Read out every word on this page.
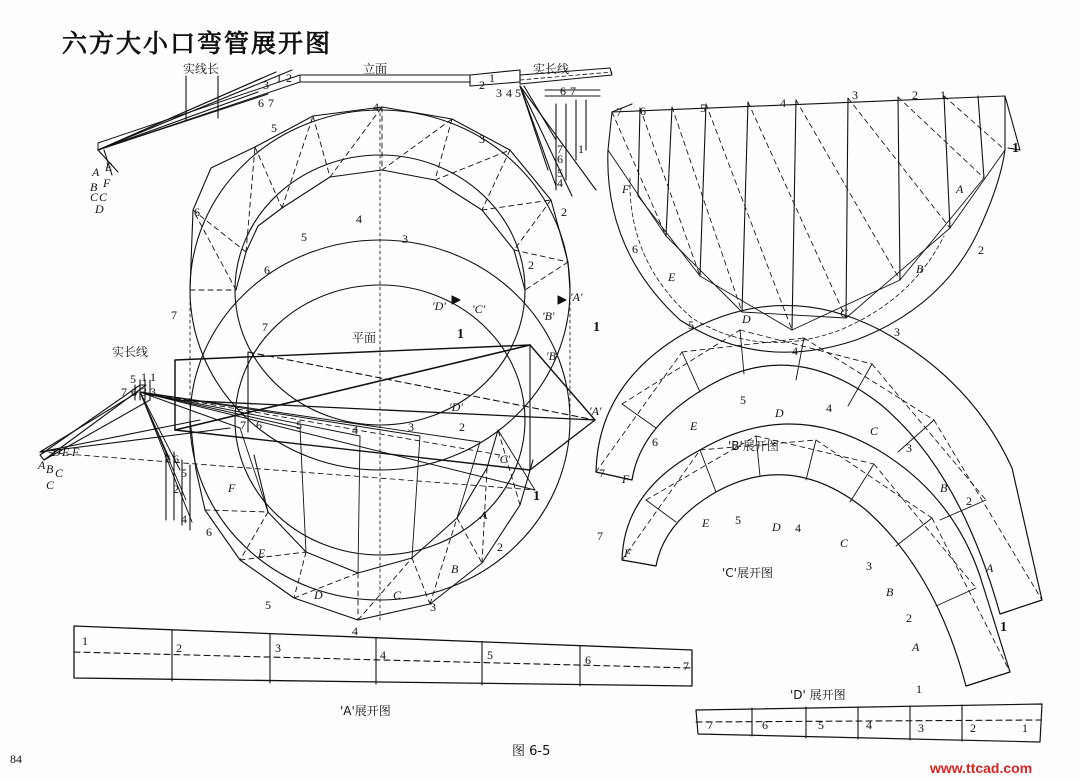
六方大小口弯管展开图
84	图 6-5
www.ttcad.com
实线长	立面	实长线
实长线
平面
'A'展开图
'B'展开图
'C'展开图
'D' 展开图
1 2
3
6 7	4
5
3
6	2
5
4
3
6	2
7
7	1
1
1
2
3 4 5	6 7
7
6
5
4
1
7 6	5	4
3	2 1
1
6	2
5
4
3
5 1 1
7 6 3 3
7 6
5
4
2
7 6	5	4	3	2
1
6
2
5
4
3
1	2	3	4	5	6	7
7	6	5	4	3	2	1
7
6
5
4
3
2
1
7
5
4
3
2
1
A E
B F
C C
D
'D' 'C'	'B'
'A'
'B'
'D'	'A'
'C'
D E F
A B C
C	F
E
D	C
B
A
F
E
D	C
B
A
F
E
D
C
B
A
F
E	D
C
B
A
